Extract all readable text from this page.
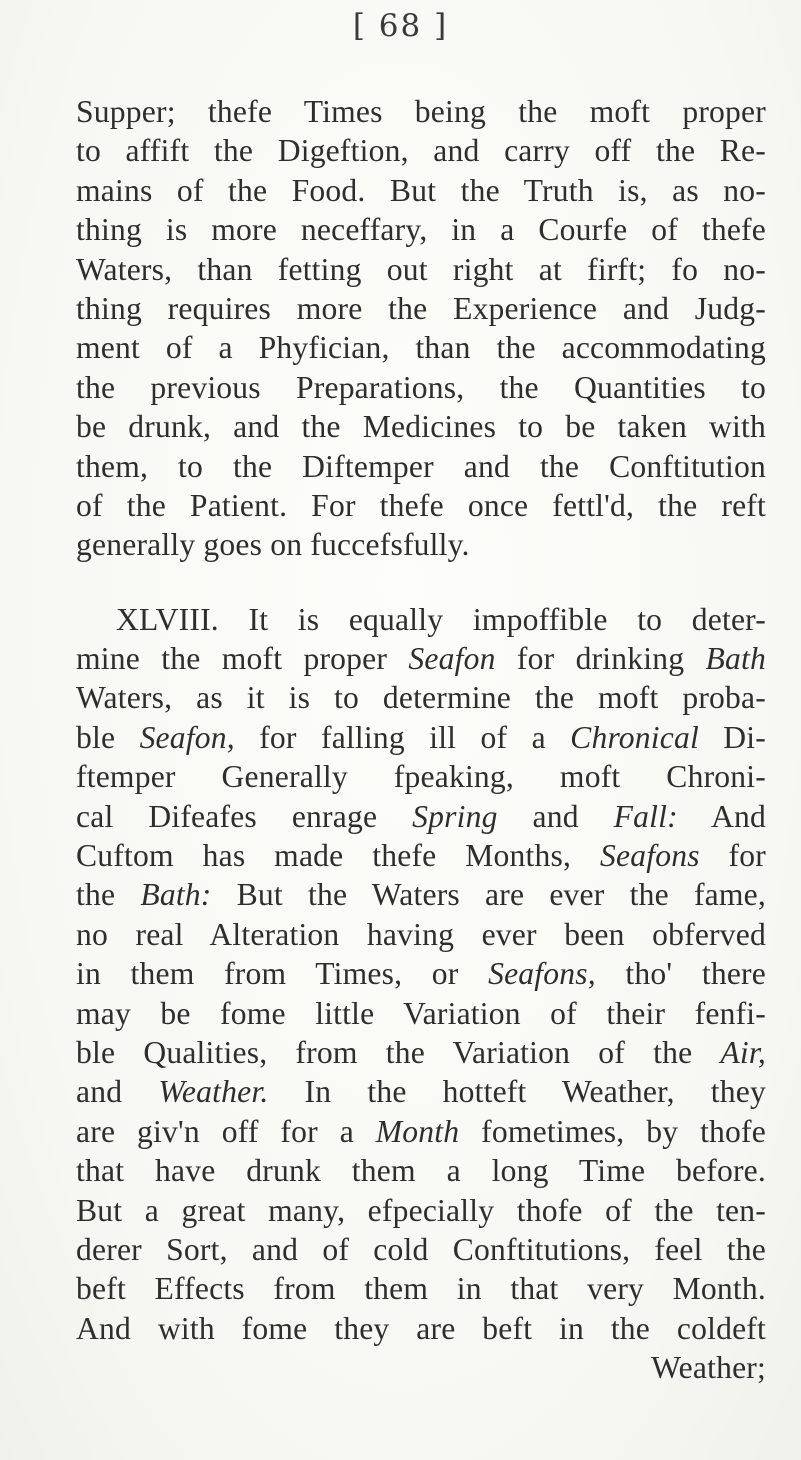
[ 68 ]
Supper; thefe Times being the moft proper
to affift the Digeftion, and carry off the Re-
mains of the Food. But the Truth is, as no-
thing is more neceffary, in a Courfe of thefe
Waters, than fetting out right at firft; fo no-
thing requires more the Experience and Judg-
ment of a Phyfician, than the accommodating
the previous Preparations, the Quantities to
be drunk, and the Medicines to be taken with
them, to the Diftemper and the Conftitution
of the Patient. For thefe once fettl'd, the reft
generally goes on fuccefsfully.
XLVIII. It is equally impoffible to deter-
mine the moft proper Seafon for drinking Bath
Waters, as it is to determine the moft proba-
ble Seafon, for falling ill of a Chronical Di-
ftemper Generally fpeaking, moft Chroni-
cal Difeafes enrage Spring and Fall: And
Cuftom has made thefe Months, Seafons for
the Bath: But the Waters are ever the fame,
no real Alteration having ever been obferved
in them from Times, or Seafons, tho' there
may be fome little Variation of their fenfi-
ble Qualities, from the Variation of the Air,
and Weather. In the hotteft Weather, they
are giv'n off for a Month fometimes, by thofe
that have drunk them a long Time before.
But a great many, efpecially thofe of the ten-
derer Sort, and of cold Conftitutions, feel the
beft Effects from them in that very Month.
And with fome they are beft in the coldeft
Weather;
